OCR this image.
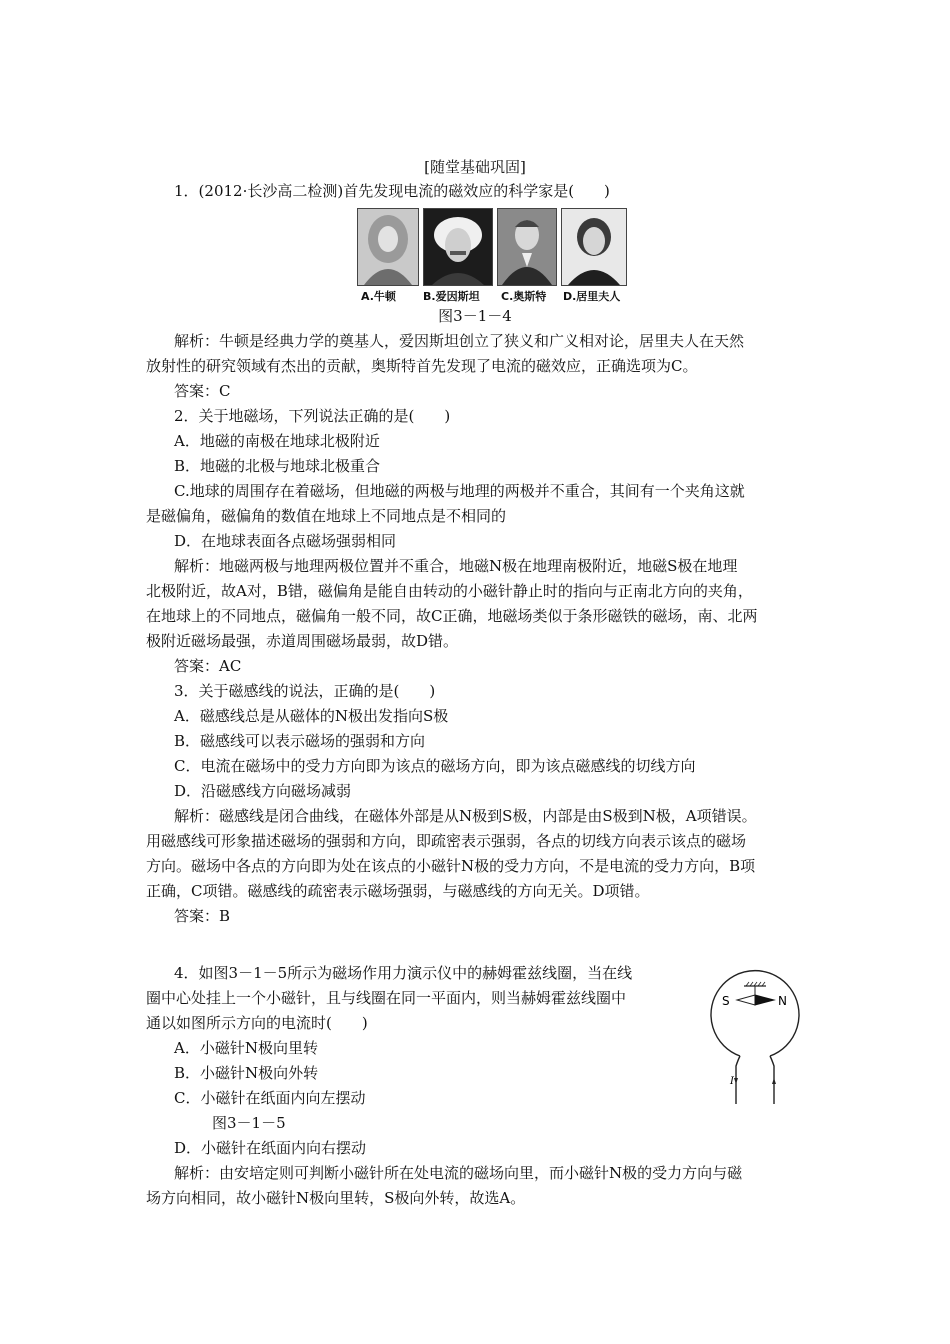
[随堂基础巩固]
1．(2012·长沙高二检测)首先发现电流的磁效应的科学家是(　　)
A.牛顿 B.爱因斯坦 C.奥斯特 D.居里夫人
图3－1－4
解析：牛顿是经典力学的奠基人，爱因斯坦创立了狭义和广义相对论，居里夫人在天然
放射性的研究领域有杰出的贡献，奥斯特首先发现了电流的磁效应，正确选项为C。
答案：C
2．关于地磁场，下列说法正确的是(　　)
A．地磁的南极在地球北极附近
B．地磁的北极与地球北极重合
C.地球的周围存在着磁场，但地磁的两极与地理的两极并不重合，其间有一个夹角这就
是磁偏角，磁偏角的数值在地球上不同地点是不相同的
D．在地球表面各点磁场强弱相同
解析：地磁两极与地理两极位置并不重合，地磁N极在地理南极附近，地磁S极在地理
北极附近，故A对，B错，磁偏角是能自由转动的小磁针静止时的指向与正南北方向的夹角，
在地球上的不同地点，磁偏角一般不同，故C正确，地磁场类似于条形磁铁的磁场，南、北两
极附近磁场最强，赤道周围磁场最弱，故D错。
答案：AC
3．关于磁感线的说法，正确的是(　　)
A．磁感线总是从磁体的N极出发指向S极
B．磁感线可以表示磁场的强弱和方向
C．电流在磁场中的受力方向即为该点的磁场方向，即为该点磁感线的切线方向
D．沿磁感线方向磁场减弱
解析：磁感线是闭合曲线，在磁体外部是从N极到S极，内部是由S极到N极，A项错误。
用磁感线可形象描述磁场的强弱和方向，即疏密表示强弱，各点的切线方向表示该点的磁场
方向。磁场中各点的方向即为处在该点的小磁针N极的受力方向，不是电流的受力方向，B项
正确，C项错。磁感线的疏密表示磁场强弱，与磁感线的方向无关。D项错。
答案：B
4．如图3－1－5所示为磁场作用力演示仪中的赫姆霍兹线圈，当在线
圈中心处挂上一个小磁针，且与线圈在同一平面内，则当赫姆霍兹线圈中
通以如图所示方向的电流时(　　)
A．小磁针N极向里转
B．小磁针N极向外转
C．小磁针在纸面内向左摆动
图3－1－5
D．小磁针在纸面内向右摆动
解析：由安培定则可判断小磁针所在处电流的磁场向里，而小磁针N极的受力方向与磁
场方向相同，故小磁针N极向里转，S极向外转，故选A。
S	N
I
